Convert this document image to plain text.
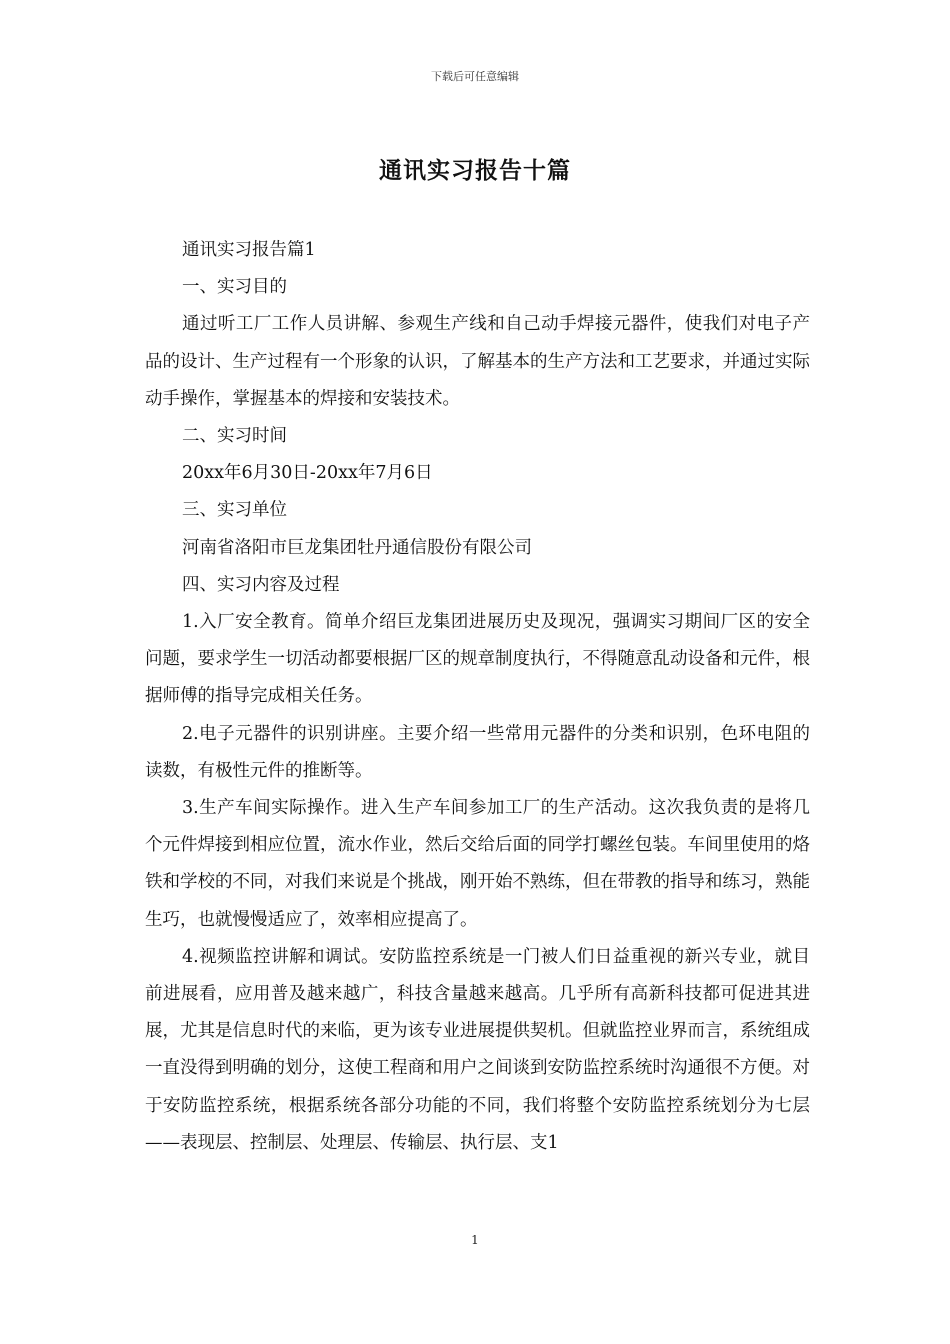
下载后可任意编辑
通讯实习报告十篇

通讯实习报告篇1

一、实习目的

通过听工厂工作人员讲解、参观生产线和自己动手焊接元器件，使我们对电子产品的设计、生产过程有一个形象的认识，了解基本的生产方法和工艺要求，并通过实际动手操作，掌握基本的焊接和安装技术。

二、实习时间

20xx年6月30日-20xx年7月6日

三、实习单位

河南省洛阳市巨龙集团牡丹通信股份有限公司

四、实习内容及过程

1.入厂安全教育。简单介绍巨龙集团进展历史及现况，强调实习期间厂区的安全问题，要求学生一切活动都要根据厂区的规章制度执行，不得随意乱动设备和元件，根据师傅的指导完成相关任务。

2.电子元器件的识别讲座。主要介绍一些常用元器件的分类和识别，色环电阻的读数，有极性元件的推断等。

3.生产车间实际操作。进入生产车间参加工厂的生产活动。这次我负责的是将几个元件焊接到相应位置，流水作业，然后交给后面的同学打螺丝包装。车间里使用的烙铁和学校的不同，对我们来说是个挑战，刚开始不熟练，但在带教的指导和练习，熟能生巧，也就慢慢适应了，效率相应提高了。

4.视频监控讲解和调试。安防监控系统是一门被人们日益重视的新兴专业，就目前进展看，应用普及越来越广，科技含量越来越高。几乎所有高新科技都可促进其进展，尤其是信息时代的来临，更为该专业进展提供契机。但就监控业界而言，系统组成一直没得到明确的划分，这使工程商和用户之间谈到安防监控系统时沟通很不方便。对于安防监控系统，根据系统各部分功能的不同，我们将整个安防监控系统划分为七层——表现层、控制层、处理层、传输层、执行层、支1

1
